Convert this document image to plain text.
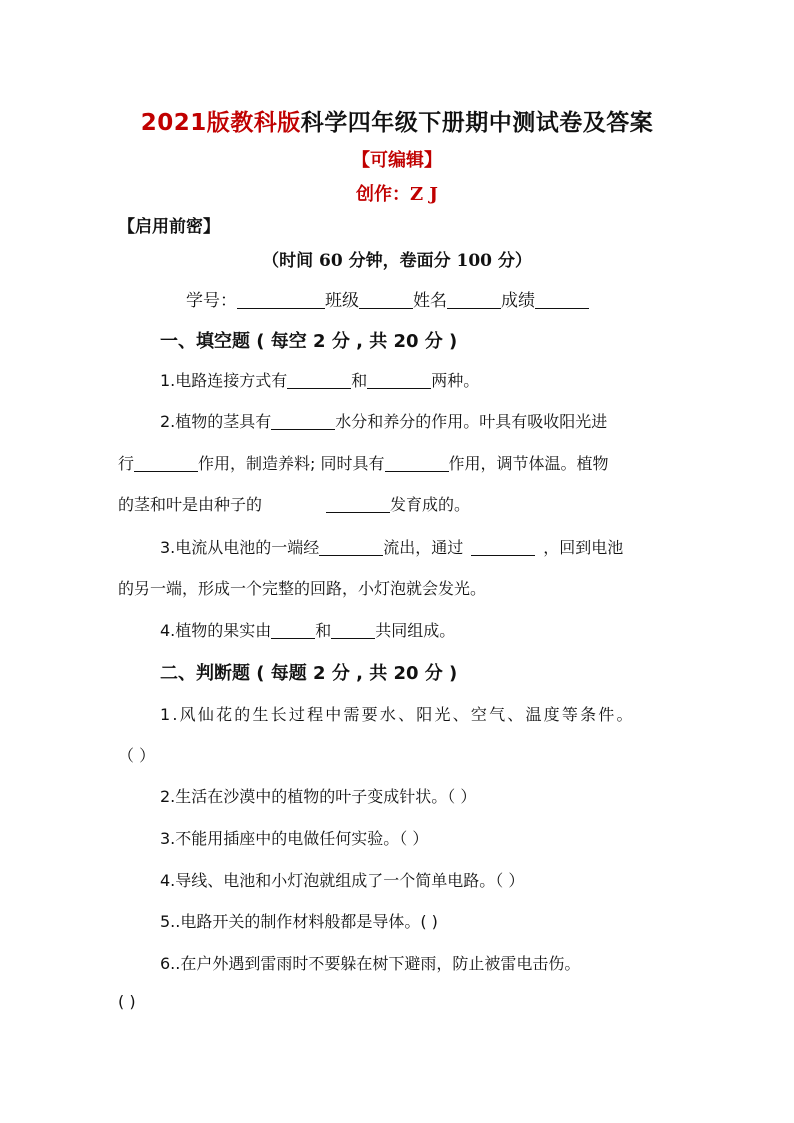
2021版教科版科学四年级下册期中测试卷及答案
【可编辑】
创作：Z J
【启用前密】
（时间 60 分钟，卷面分 100 分）
学号：	班级	姓名	成绩
一、填空题 ( 每空 2 分 , 共 20 分 )
1.电路连接方式有	和	两种。
2.植物的茎具有	水分和养分的作用。叶具有吸收阳光进
行	作用，制造养料; 同时具有	作用，调节体温。植物
的茎和叶是由种子的	发育成的。
3.电流从电池的一端经	流出，通过	，回到电池
的另一端，形成一个完整的回路，小灯泡就会发光。
4.植物的果实由	和	共同组成。
二、判断题 ( 每题 2 分 , 共 20 分 )
1.风仙花的生长过程中需要水、阳光、空气、温度等条件。
（ ）
2.生活在沙漠中的植物的叶子变成针状。（ ）
3.不能用插座中的电做任何实验。（ ）
4.导线、电池和小灯泡就组成了一个简单电路。（ ）
5..电路开关的制作材料般都是导体。( )
6..在户外遇到雷雨时不要躲在树下避雨，防止被雷电击伤。
( )
